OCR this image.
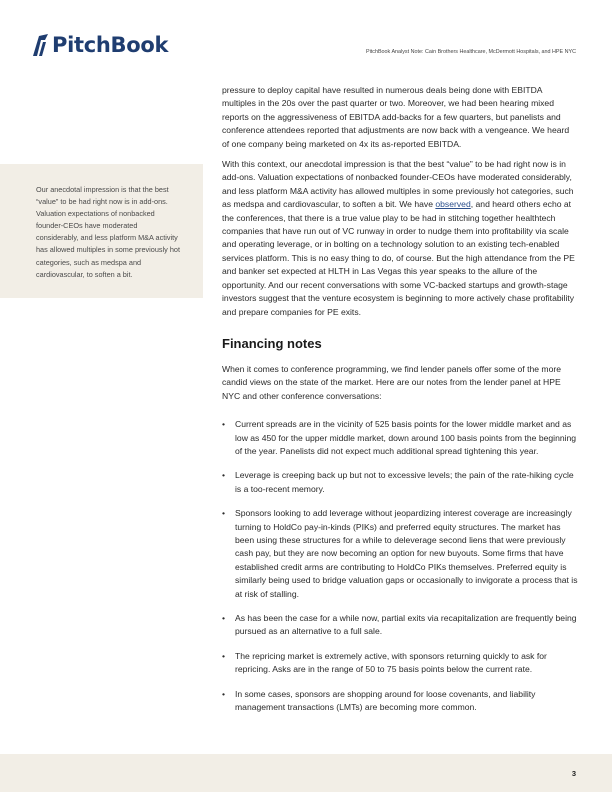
PitchBook	PitchBook Analyst Note: Cain Brothers Healthcare, McDermott Hospitals, and HPE NYC

Our anecdotal impression is that the best “value” to be had right now is in add-ons. Valuation expectations of nonbacked founder-CEOs have moderated considerably, and less platform M&A activity has allowed multiples in some previously hot categories, such as medspa and cardiovascular, to soften a bit.

pressure to deploy capital have resulted in numerous deals being done with EBITDA multiples in the 20s over the past quarter or two. Moreover, we had been hearing mixed reports on the aggressiveness of EBITDA add-backs for a few quarters, but panelists and conference attendees reported that adjustments are now back with a vengeance. We heard of one company being marketed on 4x its as-reported EBITDA.

With this context, our anecdotal impression is that the best “value” to be had right now is in add-ons. Valuation expectations of nonbacked founder-CEOs have moderated considerably, and less platform M&A activity has allowed multiples in some previously hot categories, such as medspa and cardiovascular, to soften a bit. We have observed, and heard others echo at the conferences, that there is a true value play to be had in stitching together healthtech companies that have run out of VC runway in order to nudge them into profitability via scale and operating leverage, or in bolting on a technology solution to an existing tech-enabled services platform. This is no easy thing to do, of course. But the high attendance from the PE and banker set expected at HLTH in Las Vegas this year speaks to the allure of the opportunity. And our recent conversations with some VC-backed startups and growth-stage investors suggest that the venture ecosystem is beginning to more actively chase profitability and prepare companies for PE exits.

Financing notes

When it comes to conference programming, we find lender panels offer some of the more candid views on the state of the market. Here are our notes from the lender panel at HPE NYC and other conference conversations:

• Current spreads are in the vicinity of 525 basis points for the lower middle market and as low as 450 for the upper middle market, down around 100 basis points from the beginning of the year. Panelists did not expect much additional spread tightening this year.
• Leverage is creeping back up but not to excessive levels; the pain of the rate-hiking cycle is a too-recent memory.
• Sponsors looking to add leverage without jeopardizing interest coverage are increasingly turning to HoldCo pay-in-kinds (PIKs) and preferred equity structures. The market has been using these structures for a while to deleverage second liens that were previously cash pay, but they are now becoming an option for new buyouts. Some firms that have established credit arms are contributing to HoldCo PIKs themselves. Preferred equity is similarly being used to bridge valuation gaps or occasionally to invigorate a process that is at risk of stalling.
• As has been the case for a while now, partial exits via recapitalization are frequently being pursued as an alternative to a full sale.
• The repricing market is extremely active, with sponsors returning quickly to ask for repricing. Asks are in the range of 50 to 75 basis points below the current rate.
• In some cases, sponsors are shopping around for loose covenants, and liability management transactions (LMTs) are becoming more common.
3
